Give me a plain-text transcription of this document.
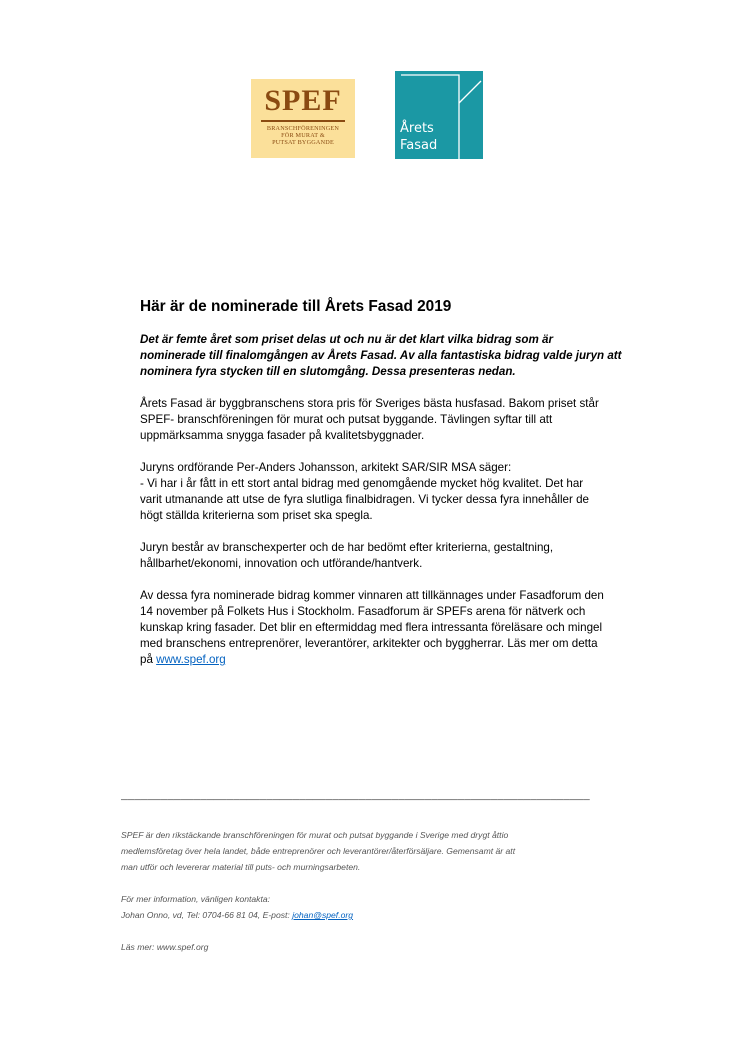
SPEF
BRANSCHFÖRENINGEN
FÖR MURAT &
PUTSAT BYGGANDE
Årets
Fasad
Här är de nominerade till Årets Fasad 2019
Det är femte året som priset delas ut och nu är det klart vilka bidrag som är
nominerade till finalomgången av Årets Fasad. Av alla fantastiska bidrag valde juryn att
nominera fyra stycken till en slutomgång. Dessa presenteras nedan.
Årets Fasad är byggbranschens stora pris för Sveriges bästa husfasad. Bakom priset står
SPEF- branschföreningen för murat och putsat byggande. Tävlingen syftar till att
uppmärksamma snygga fasader på kvalitetsbyggnader.
Juryns ordförande Per-Anders Johansson, arkitekt SAR/SIR MSA säger:
- Vi har i år fått in ett stort antal bidrag med genomgående mycket hög kvalitet. Det har
varit utmanande att utse de fyra slutliga finalbidragen. Vi tycker dessa fyra innehåller de
högt ställda kriterierna som priset ska spegla.
Juryn består av branschexperter och de har bedömt efter kriterierna, gestaltning,
hållbarhet/ekonomi, innovation och utförande/hantverk.
Av dessa fyra nominerade bidrag kommer vinnaren att tillkännages under Fasadforum den
14 november på Folkets Hus i Stockholm. Fasadforum är SPEFs arena för nätverk och
kunskap kring fasader. Det blir en eftermiddag med flera intressanta föreläsare och mingel
med branschens entreprenörer, leverantörer, arkitekter och byggherrar. Läs mer om detta
på www.spef.org
_______________________________________________________________________
SPEF är den rikstäckande branschföreningen för murat och putsat byggande i Sverige med drygt åttio
medlemsföretag över hela landet, både entreprenörer och leverantörer/återförsäljare. Gemensamt är att
man utför och levererar material till puts- och murningsarbeten.
För mer information, vänligen kontakta:
Johan Onno, vd, Tel: 0704-66 81 04, E-post: johan@spef.org
Läs mer: www.spef.org
